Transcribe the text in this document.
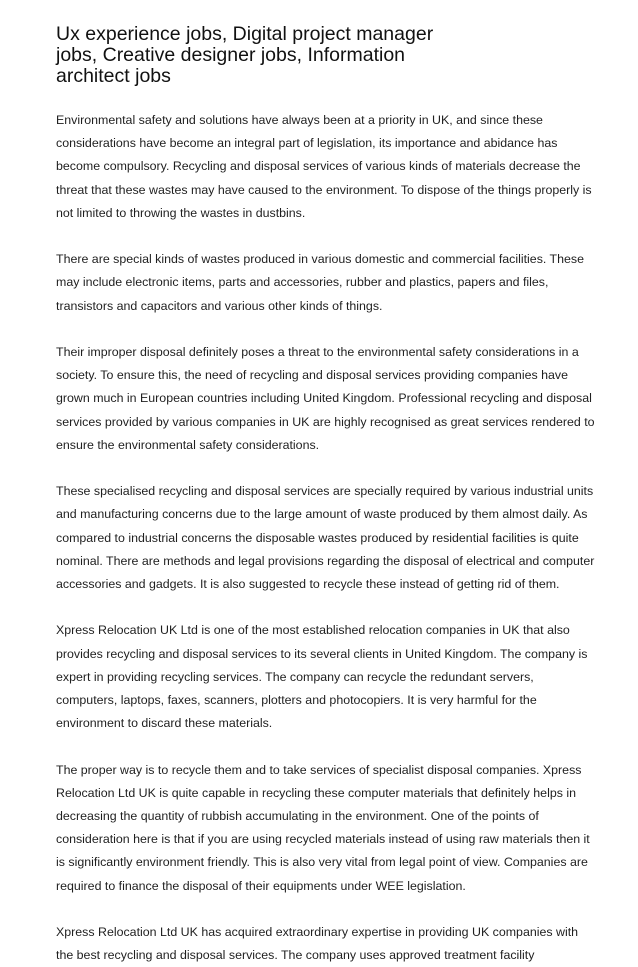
Ux experience jobs, Digital project manager jobs, Creative designer jobs, Information architect jobs

Environmental safety and solutions have always been at a priority in UK, and since these considerations have become an integral part of legislation, its importance and abidance has become compulsory. Recycling and disposal services of various kinds of materials decrease the threat that these wastes may have caused to the environment. To dispose of the things properly is not limited to throwing the wastes in dustbins.

There are special kinds of wastes produced in various domestic and commercial facilities. These may include electronic items, parts and accessories, rubber and plastics, papers and files, transistors and capacitors and various other kinds of things.

Their improper disposal definitely poses a threat to the environmental safety considerations in a society. To ensure this, the need of recycling and disposal services providing companies have grown much in European countries including United Kingdom. Professional recycling and disposal services provided by various companies in UK are highly recognised as great services rendered to ensure the environmental safety considerations.

These specialised recycling and disposal services are specially required by various industrial units and manufacturing concerns due to the large amount of waste produced by them almost daily. As compared to industrial concerns the disposable wastes produced by residential facilities is quite nominal. There are methods and legal provisions regarding the disposal of electrical and computer accessories and gadgets. It is also suggested to recycle these instead of getting rid of them.

Xpress Relocation UK Ltd is one of the most established relocation companies in UK that also provides recycling and disposal services to its several clients in United Kingdom. The company is expert in providing recycling services. The company can recycle the redundant servers, computers, laptops, faxes, scanners, plotters and photocopiers. It is very harmful for the environment to discard these materials.

The proper way is to recycle them and to take services of specialist disposal companies. Xpress Relocation Ltd UK is quite capable in recycling these computer materials that definitely helps in decreasing the quantity of rubbish accumulating in the environment. One of the points of consideration here is that if you are using recycled materials instead of using raw materials then it is significantly environment friendly. This is also very vital from legal point of view. Companies are required to finance the disposal of their equipments under WEE legislation.

Xpress Relocation Ltd UK has acquired extraordinary expertise in providing UK companies with the best recycling and disposal services. The company uses approved treatment facility
